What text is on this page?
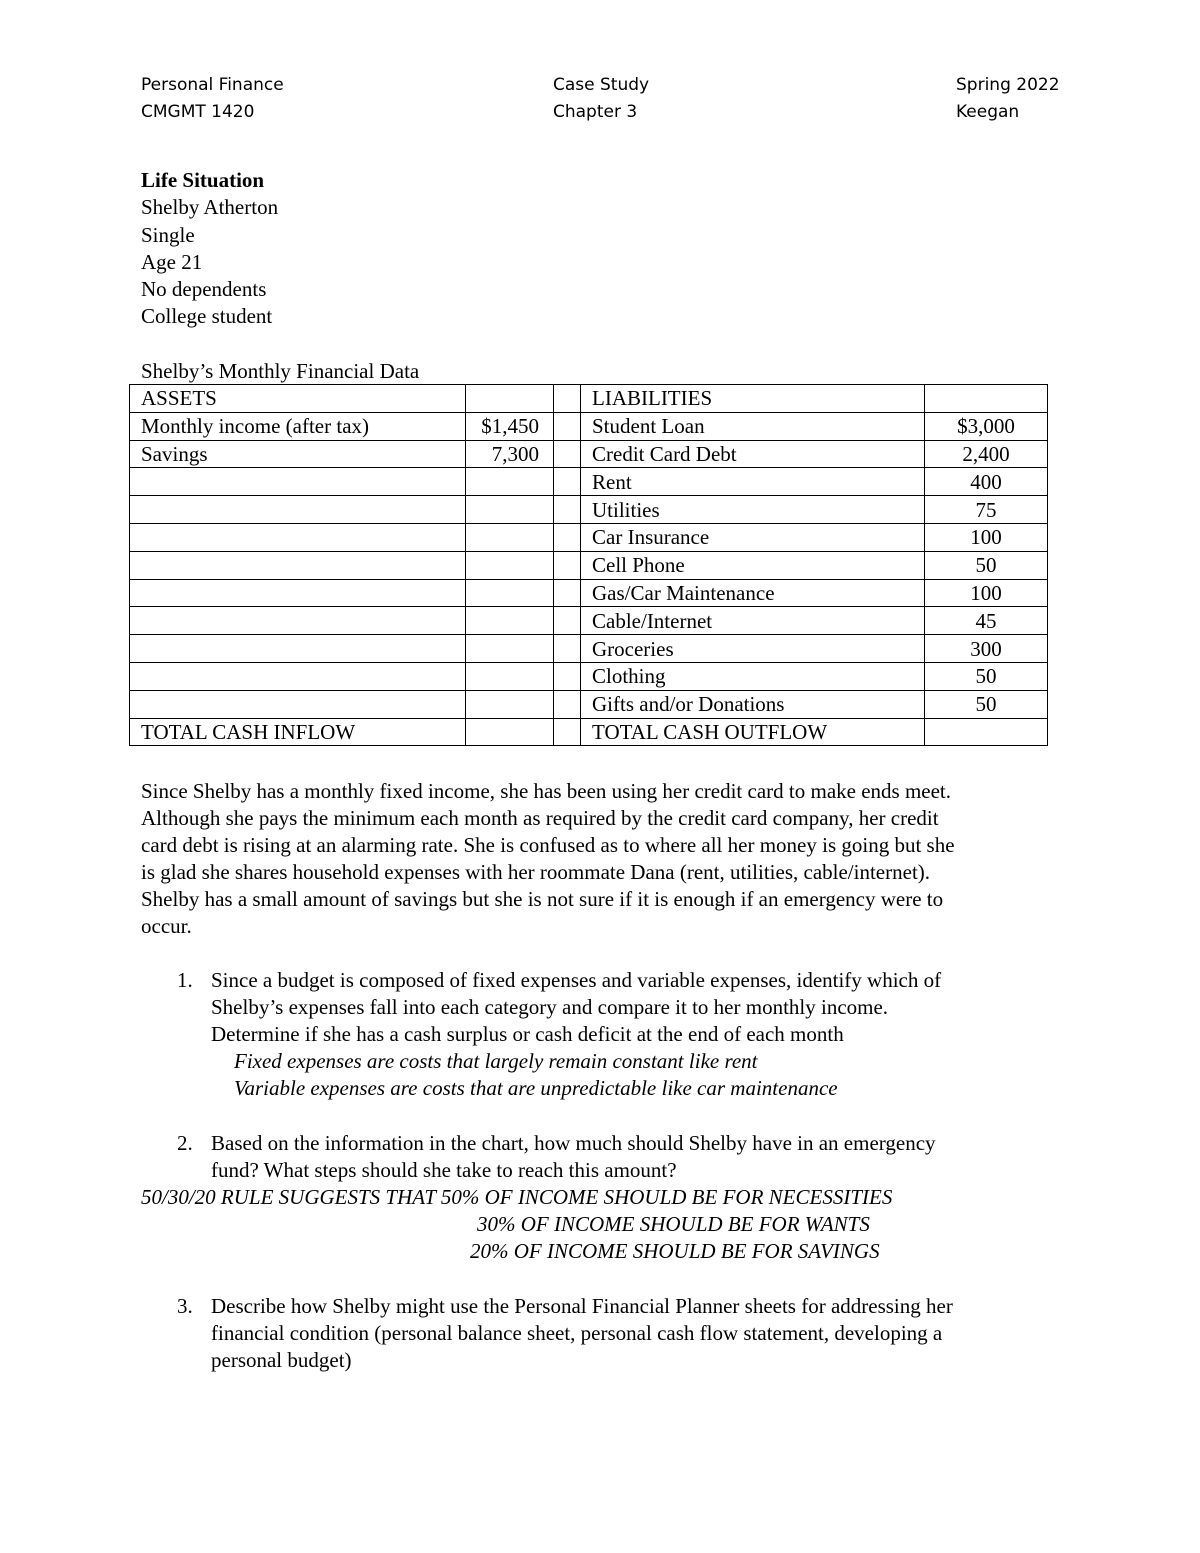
Personal Finance
CMGMT 1420
Case Study
Chapter 3
Spring 2022
Keegan
Life Situation
Shelby Atherton
Single
Age 21
No dependents
College student
Shelby’s Monthly Financial Data
ASSETS			LIABILITIES	
Monthly income (after tax)	$1,450		Student Loan	$3,000
Savings	7,300		Credit Card Debt	2,400
			Rent	400
			Utilities	75
			Car Insurance	100
			Cell Phone	50
			Gas/Car Maintenance	100
			Cable/Internet	45
			Groceries	300
			Clothing	50
			Gifts and/or Donations	50
TOTAL CASH INFLOW			TOTAL CASH OUTFLOW	
Since Shelby has a monthly fixed income, she has been using her credit card to make ends meet.
Although she pays the minimum each month as required by the credit card company, her credit
card debt is rising at an alarming rate. She is confused as to where all her money is going but she
is glad she shares household expenses with her roommate Dana (rent, utilities, cable/internet).
Shelby has a small amount of savings but she is not sure if it is enough if an emergency were to
occur.
1. Since a budget is composed of fixed expenses and variable expenses, identify which of
Shelby’s expenses fall into each category and compare it to her monthly income.
Determine if she has a cash surplus or cash deficit at the end of each month
Fixed expenses are costs that largely remain constant like rent
Variable expenses are costs that are unpredictable like car maintenance
2. Based on the information in the chart, how much should Shelby have in an emergency
fund? What steps should she take to reach this amount?
50/30/20 RULE SUGGESTS THAT 50% OF INCOME SHOULD BE FOR NECESSITIES
30% OF INCOME SHOULD BE FOR WANTS
20% OF INCOME SHOULD BE FOR SAVINGS
3. Describe how Shelby might use the Personal Financial Planner sheets for addressing her
financial condition (personal balance sheet, personal cash flow statement, developing a
personal budget)
